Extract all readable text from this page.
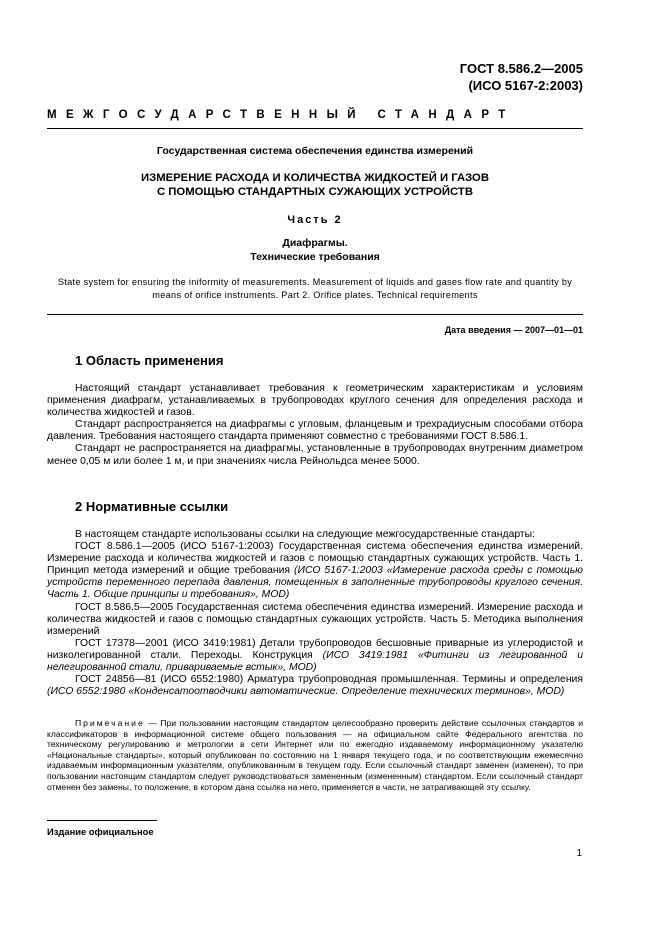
ГОСТ 8.586.2—2005
(ИСО 5167-2:2003)
МЕЖГОСУДАРСТВЕННЫЙ СТАНДАРТ
Государственная система обеспечения единства измерений
ИЗМЕРЕНИЕ РАСХОДА И КОЛИЧЕСТВА ЖИДКОСТЕЙ И ГАЗОВ
С ПОМОЩЬЮ СТАНДАРТНЫХ СУЖАЮЩИХ УСТРОЙСТВ
Часть 2
Диафрагмы.
Технические требования
State system for ensuring the iniformity of measurements. Measurement of liquids and gases flow rate and quantity by means of orifice instruments. Part 2. Orifice plates. Technical requirements
Дата введения — 2007—01—01
1 Область применения

Настоящий стандарт устанавливает требования к геометрическим характеристикам и условиям применения диафрагм, устанавливаемых в трубопроводах круглого сечения для определения расхода и количества жидкостей и газов.

Стандарт распространяется на диафрагмы с угловым, фланцевым и трехрадиусным способами отбора давления. Требования настоящего стандарта применяют совместно с требованиями ГОСТ 8.586.1.

Стандарт не распространяется на диафрагмы, установленные в трубопроводах внутренним диаметром менее 0,05 м или более 1 м, и при значениях числа Рейнольдса менее 5000.

2 Нормативные ссылки

В настоящем стандарте использованы ссылки на следующие межгосударственные стандарты:

ГОСТ 8.586.1—2005 (ИСО 5167-1:2003) Государственная система обеспечения единства измерений. Измерение расхода и количества жидкостей и газов с помощью стандартных сужающих устройств. Часть 1. Принцип метода измерений и общие требования (ИСО 5167-1:2003 «Измерение расхода среды с помощью устройств переменного перепада давления, помещенных в заполненные трубопроводы круглого сечения. Часть 1. Общие принципы и требования», MOD)

ГОСТ 8.586.5—2005 Государственная система обеспечения единства измерений. Измерение расхода и количества жидкостей и газов с помощью стандартных сужающих устройств. Часть 5. Методика выполнения измерений

ГОСТ 17378—2001 (ИСО 3419:1981) Детали трубопроводов бесшовные приварные из углеродистой и низколегированной стали. Переходы. Конструкция (ИСО 3419:1981 «Фитинги из легированной и нелегированной стали, привариваемые встык», MOD)

ГОСТ 24856—81 (ИСО 6552:1980) Арматура трубопроводная промышленная. Термины и определения (ИСО 6552:1980 «Конденсатоотводчики автоматические. Определение технических терминов», MOD)

Примечание — При пользовании настоящим стандартом целесообразно проверить действие ссылочных стандартов и классификаторов в информационной системе общего пользования — на официальном сайте Федерального агентства по техническому регулированию и метрологии в сети Интернет или по ежегодно издаваемому информационному указателю «Национальные стандарты», который опубликован по состоянию на 1 января текущего года, и по соответствующим ежемесячно издаваемым информационным указателям, опубликованным в текущем году. Если ссылочный стандарт заменен (изменен), то при пользовании настоящим стандартом следует руководствоваться замененным (измененным) стандартом. Если ссылочный стандарт отменен без замены, то положение, в котором дана ссылка на него, применяется в части, не затрагивающей эту ссылку.
Издание официальное
1
